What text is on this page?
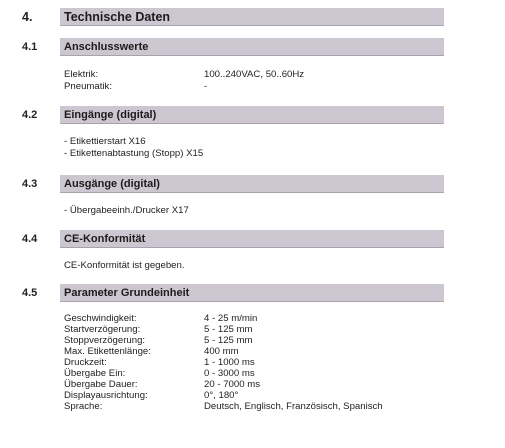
4.	Technische Daten
4.1 Anschlusswerte
Elektrik:	100..240VAC, 50..60Hz
Pneumatik:	-
4.2 Eingänge (digital)
- Etikettierstart X16
- Etikettenabtastung (Stopp) X15
4.3 Ausgänge (digital)
- Übergabeeinh./Drucker X17
4.4 CE-Konformität
CE-Konformität ist gegeben.
4.5 Parameter Grundeinheit
Geschwindigkeit:	4 - 25 m/min
Startverzögerung:	5 - 125 mm
Stoppverzögerung:	5 - 125 mm
Max. Etikettenlänge:	400 mm
Druckzeit:	1 - 1000 ms
Übergabe Ein:	0 - 3000 ms
Übergabe Dauer:	20 - 7000 ms
Displayausrichtung:	0°, 180°
Sprache:	Deutsch, Englisch, Französisch, Spanisch
